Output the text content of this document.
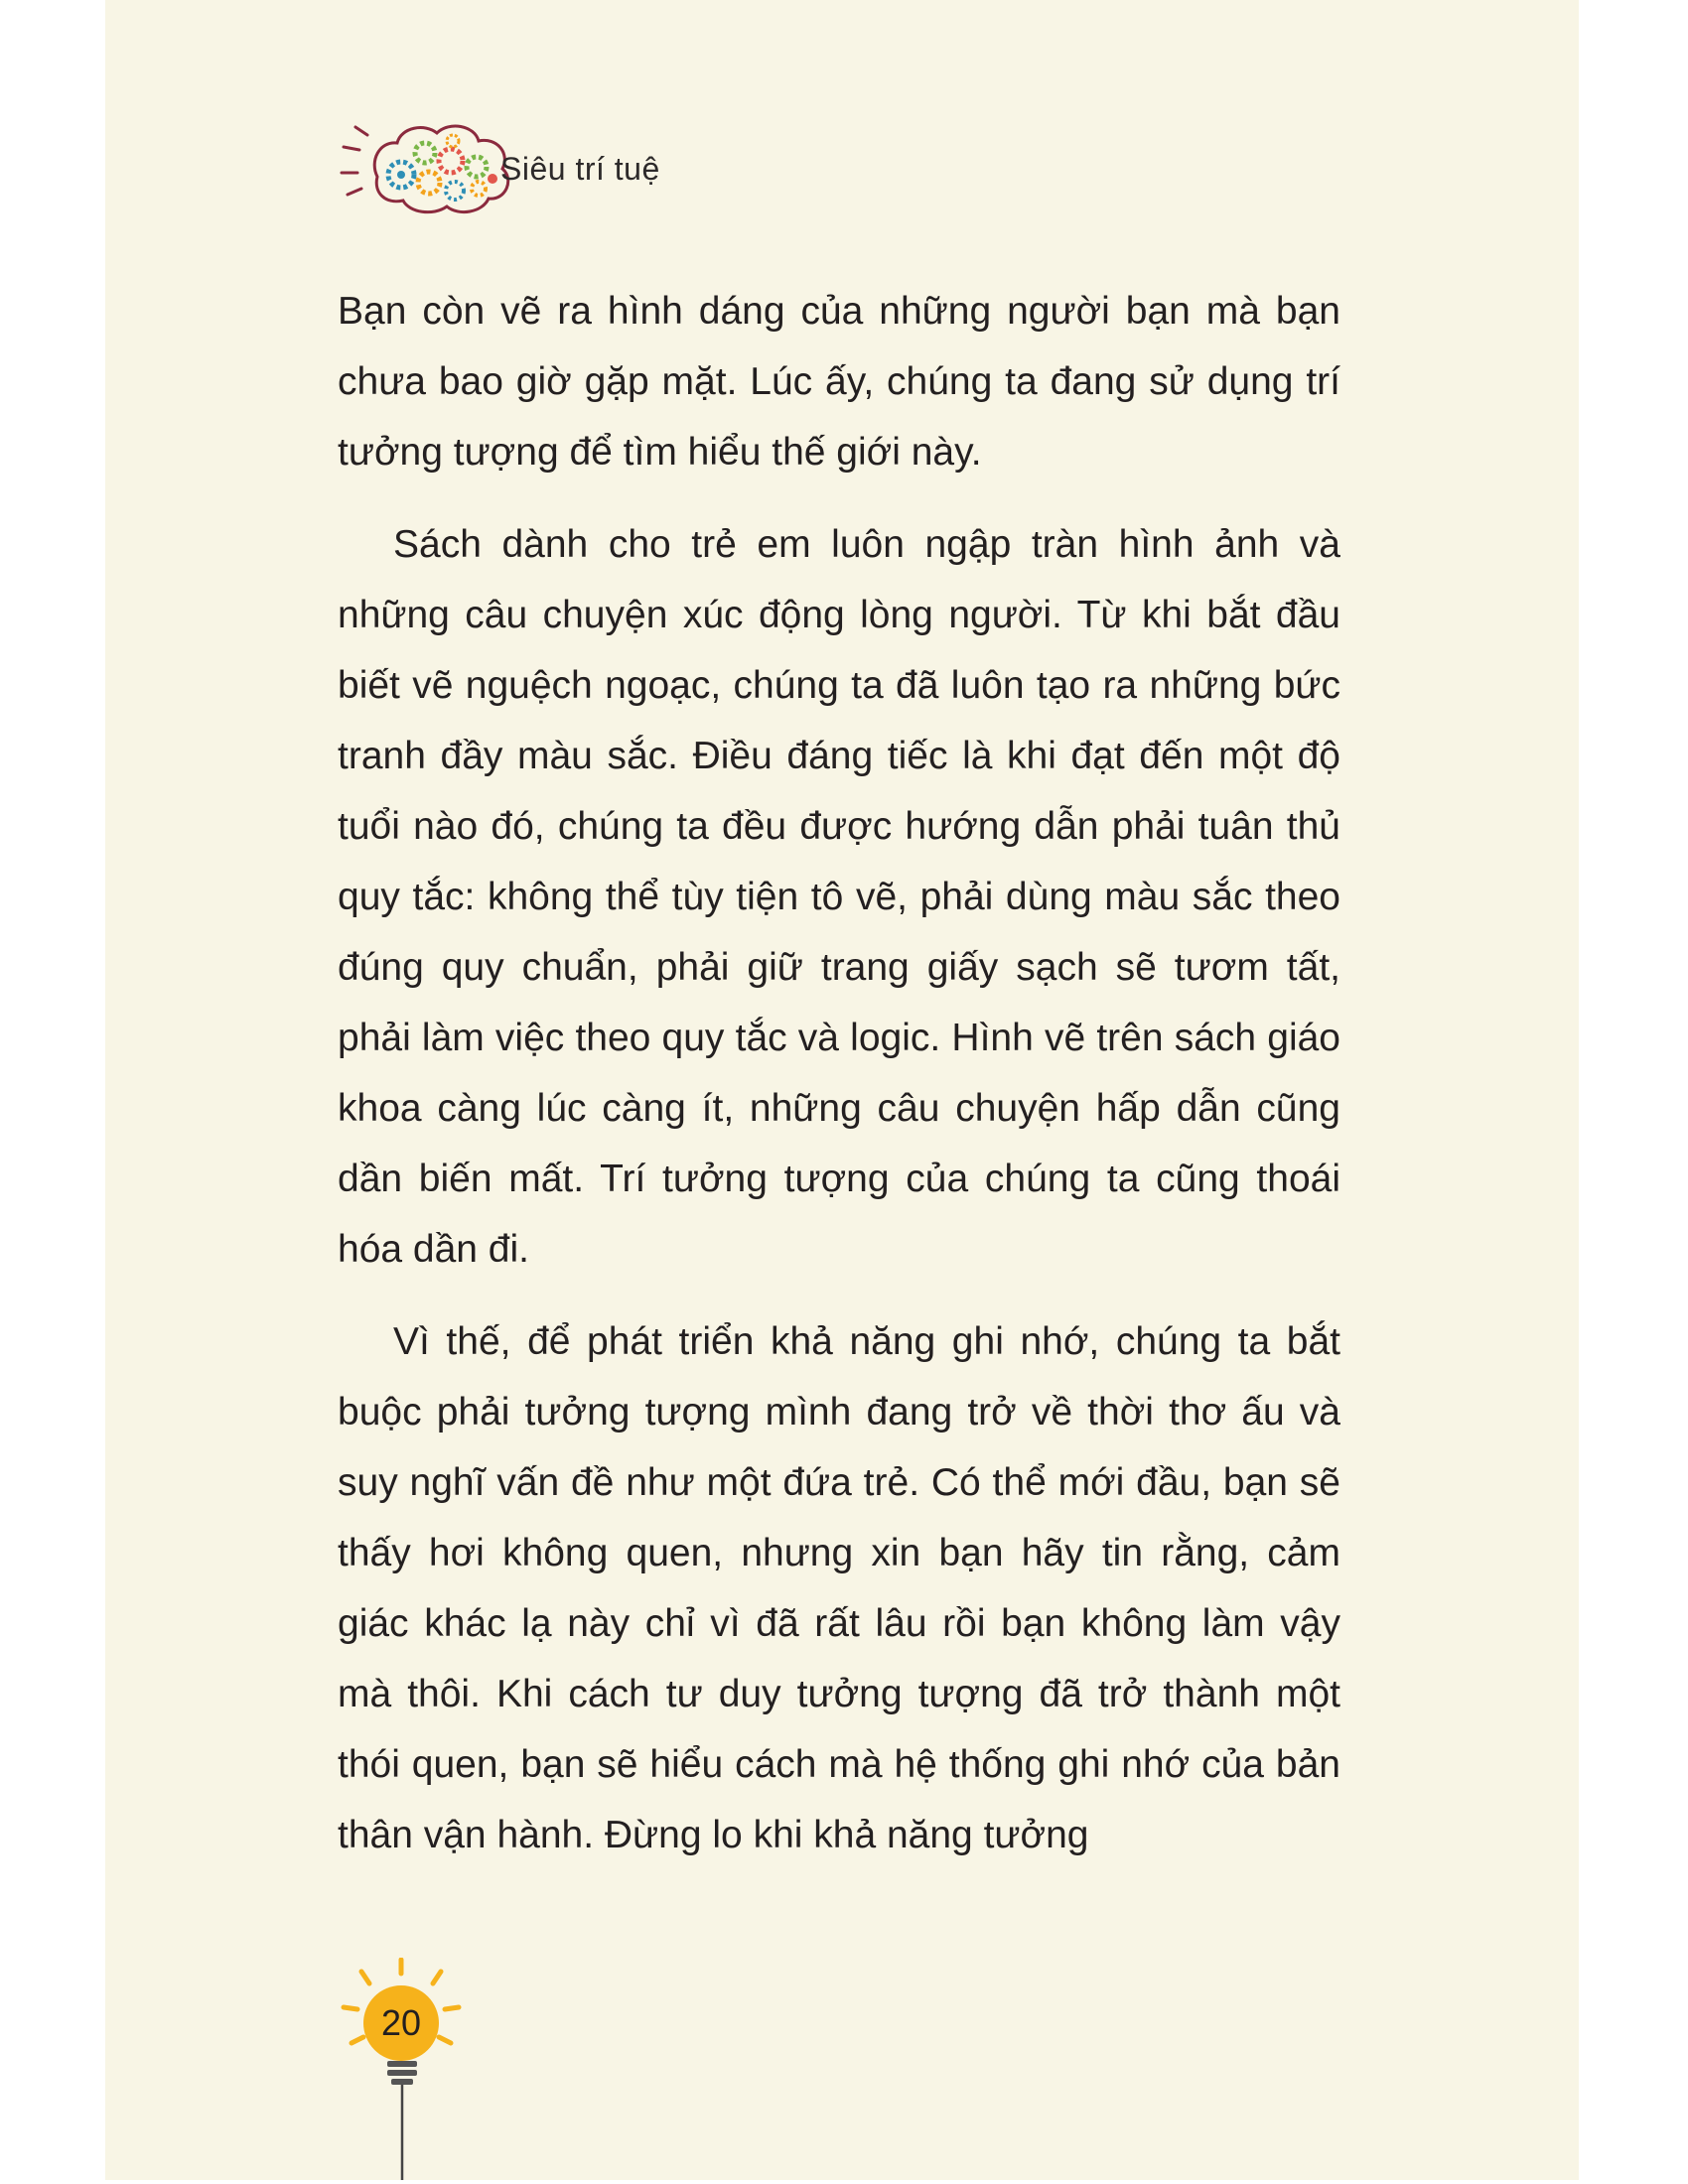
Siêu trí tuệ

Bạn còn vẽ ra hình dáng của những người bạn mà bạn chưa bao giờ gặp mặt. Lúc ấy, chúng ta đang sử dụng trí tưởng tượng để tìm hiểu thế giới này.

Sách dành cho trẻ em luôn ngập tràn hình ảnh và những câu chuyện xúc động lòng người. Từ khi bắt đầu biết vẽ nguệch ngoạc, chúng ta đã luôn tạo ra những bức tranh đầy màu sắc. Điều đáng tiếc là khi đạt đến một độ tuổi nào đó, chúng ta đều được hướng dẫn phải tuân thủ quy tắc: không thể tùy tiện tô vẽ, phải dùng màu sắc theo đúng quy chuẩn, phải giữ trang giấy sạch sẽ tươm tất, phải làm việc theo quy tắc và logic. Hình vẽ trên sách giáo khoa càng lúc càng ít, những câu chuyện hấp dẫn cũng dần biến mất. Trí tưởng tượng của chúng ta cũng thoái hóa dần đi.

Vì thế, để phát triển khả năng ghi nhớ, chúng ta bắt buộc phải tưởng tượng mình đang trở về thời thơ ấu và suy nghĩ vấn đề như một đứa trẻ. Có thể mới đầu, bạn sẽ thấy hơi không quen, nhưng xin bạn hãy tin rằng, cảm giác khác lạ này chỉ vì đã rất lâu rồi bạn không làm vậy mà thôi. Khi cách tư duy tưởng tượng đã trở thành một thói quen, bạn sẽ hiểu cách mà hệ thống ghi nhớ của bản thân vận hành. Đừng lo khi khả năng tưởng

20
